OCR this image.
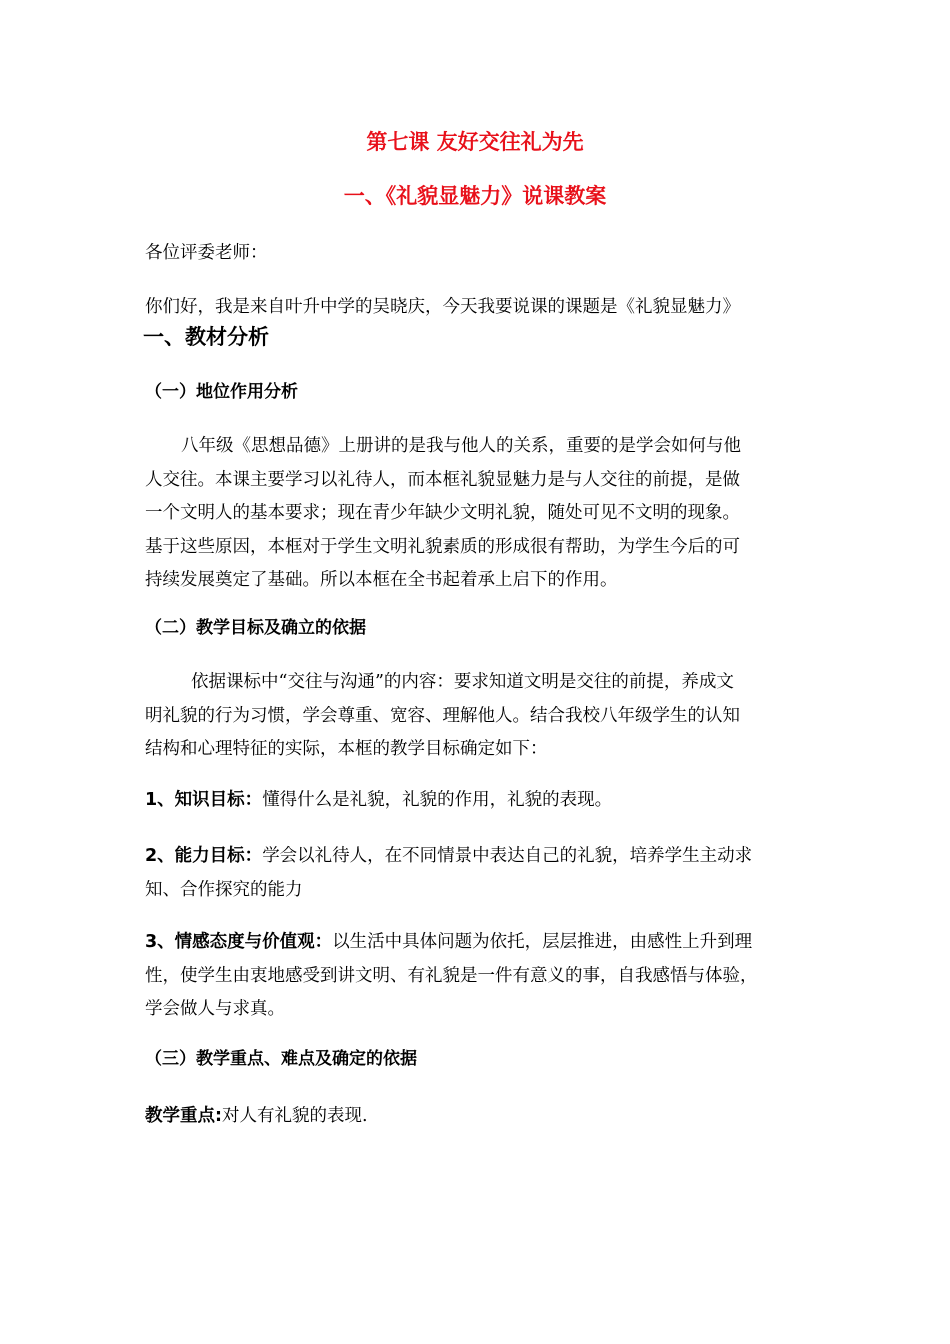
第七课 友好交往礼为先
一、《礼貌显魅力》说课教案
各位评委老师：
你们好，我是来自叶升中学的吴晓庆，今天我要说课的课题是《礼貌显魅力》
一、教材分析
（一）地位作用分析

八年级《思想品德》上册讲的是我与他人的关系，重要的是学会如何与他

人交往。本课主要学习以礼待人，而本框礼貌显魅力是与人交往的前提，是做

一个文明人的基本要求；现在青少年缺少文明礼貌，随处可见不文明的现象。

基于这些原因，本框对于学生文明礼貌素质的形成很有帮助，为学生今后的可

持续发展奠定了基础。所以本框在全书起着承上启下的作用。

（二）教学目标及确立的依据

依据课标中“交往与沟通”的内容：要求知道文明是交往的前提，养成文

明礼貌的行为习惯，学会尊重、宽容、理解他人。结合我校八年级学生的认知

结构和心理特征的实际，本框的教学目标确定如下：

1、知识目标：懂得什么是礼貌，礼貌的作用，礼貌的表现。

2、能力目标：学会以礼待人，在不同情景中表达自己的礼貌，培养学生主动求

知、合作探究的能力

3、情感态度与价值观：以生活中具体问题为依托，层层推进，由感性上升到理

性，使学生由衷地感受到讲文明、有礼貌是一件有意义的事，自我感悟与体验，

学会做人与求真。

（三）教学重点、难点及确定的依据
教学重点:对人有礼貌的表现.
